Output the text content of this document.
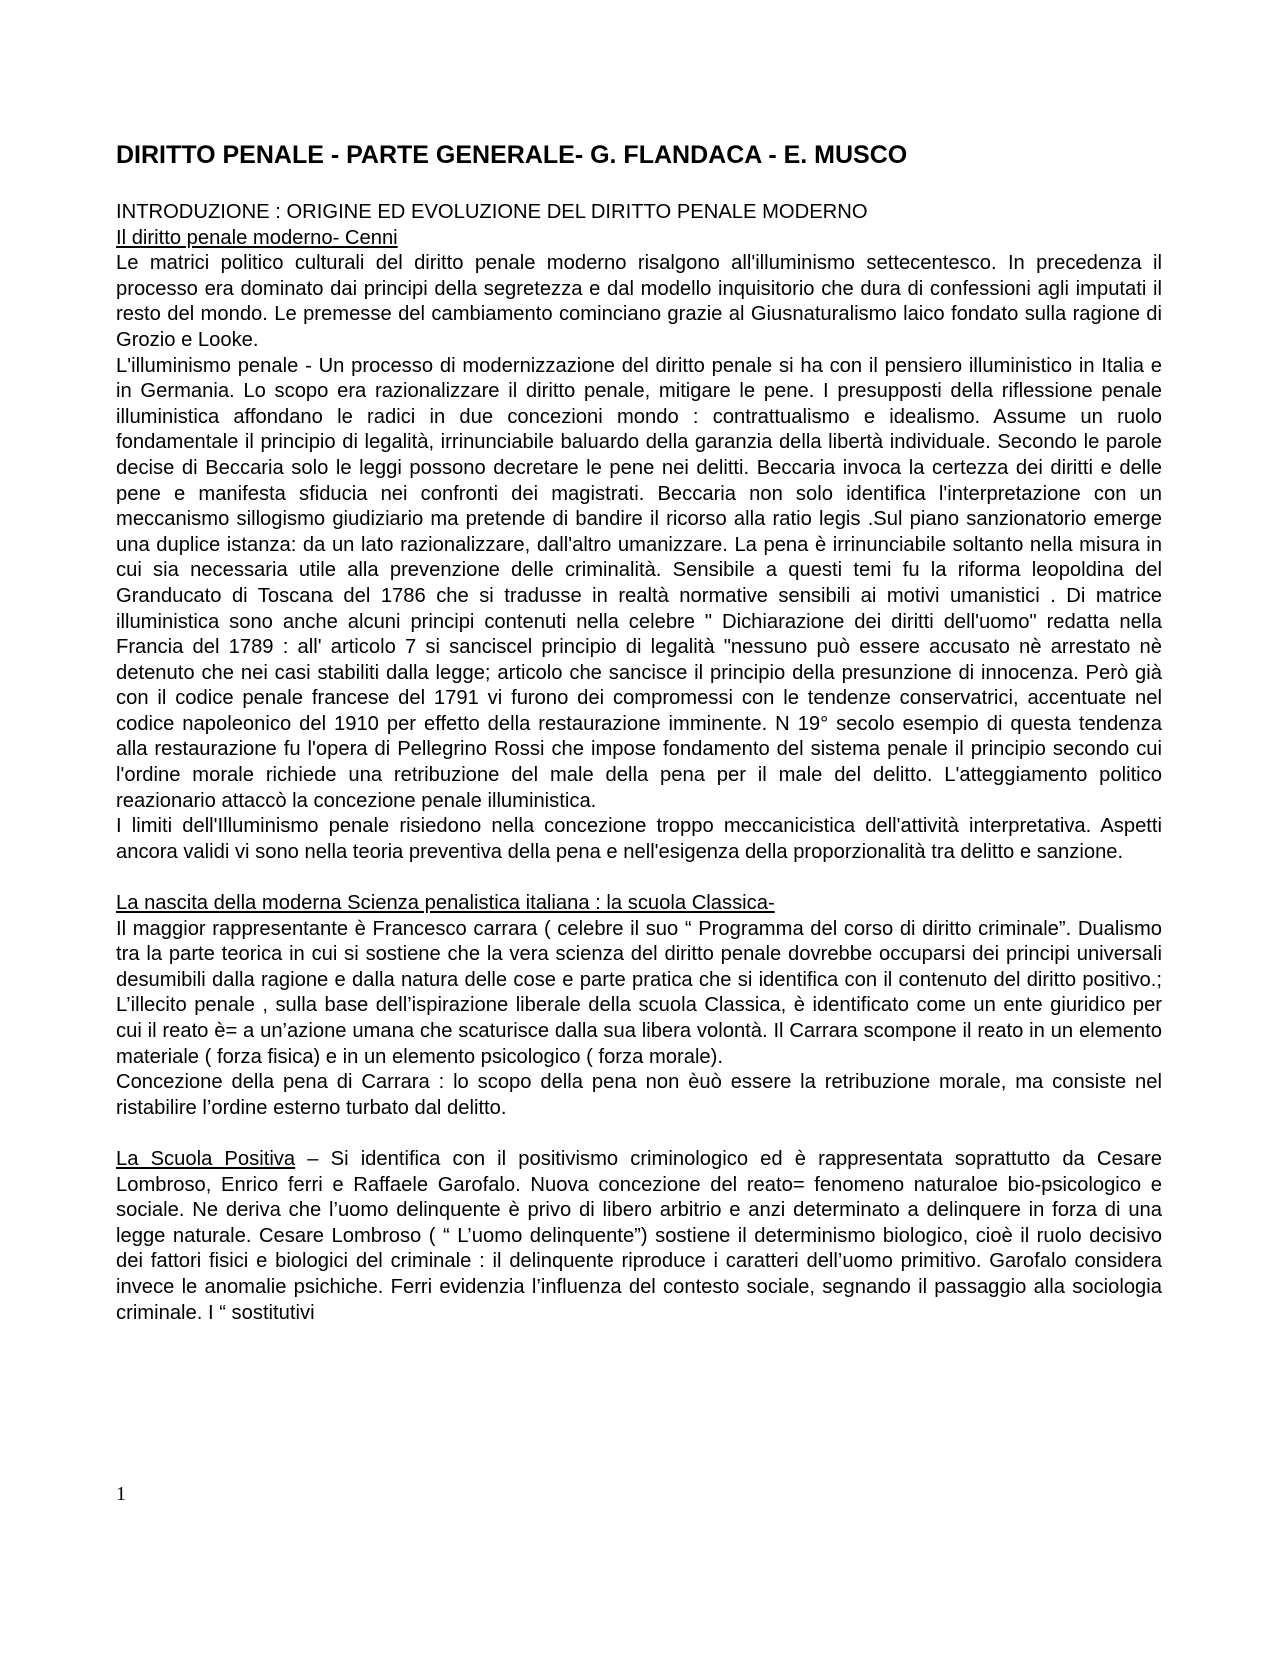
DIRITTO PENALE - PARTE GENERALE- G. FLANDACA - E. MUSCO

INTRODUZIONE : ORIGINE ED EVOLUZIONE DEL DIRITTO PENALE MODERNO

Il diritto penale moderno- Cenni

Le matrici politico culturali del diritto penale moderno risalgono all'illuminismo settecentesco. In precedenza il processo era dominato dai principi della segretezza e dal modello inquisitorio che dura di confessioni agli imputati il resto del mondo. Le premesse del cambiamento cominciano grazie al Giusnaturalismo laico fondato sulla ragione di Grozio e Looke.

L'illuminismo penale - Un processo di modernizzazione del diritto penale si ha con il pensiero illuministico in Italia e in Germania. Lo scopo era razionalizzare il diritto penale, mitigare le pene. I presupposti della riflessione penale illuministica affondano le radici in due concezioni mondo : contrattualismo e idealismo. Assume un ruolo fondamentale il principio di legalità, irrinunciabile baluardo della garanzia della libertà individuale. Secondo le parole decise di Beccaria solo le leggi possono decretare le pene nei delitti. Beccaria invoca la certezza dei diritti e delle pene e manifesta sfiducia nei confronti dei magistrati. Beccaria non solo identifica l'interpretazione con un meccanismo sillogismo giudiziario ma pretende di bandire il ricorso alla ratio legis .Sul piano sanzionatorio emerge una duplice istanza: da un lato razionalizzare, dall'altro umanizzare. La pena è irrinunciabile soltanto nella misura in cui sia necessaria utile alla prevenzione delle criminalità. Sensibile a questi temi fu la riforma leopoldina del Granducato di Toscana del 1786 che si tradusse in realtà normative sensibili ai motivi umanistici . Di matrice illuministica sono anche alcuni principi contenuti nella celebre " Dichiarazione dei diritti dell'uomo" redatta nella Francia del 1789 : all' articolo 7 si sanciscel principio di legalità "nessuno può essere accusato nè arrestato nè detenuto che nei casi stabiliti dalla legge; articolo che sancisce il principio della presunzione di innocenza. Però già con il codice penale francese del 1791 vi furono dei compromessi con le tendenze conservatrici, accentuate nel codice napoleonico del 1910 per effetto della restaurazione imminente. N 19° secolo esempio di questa tendenza alla restaurazione fu l'opera di Pellegrino Rossi che impose fondamento del sistema penale il principio secondo cui l'ordine morale richiede una retribuzione del male della pena per il male del delitto. L'atteggiamento politico reazionario attaccò la concezione penale illuministica.

I limiti dell'Illuminismo penale risiedono nella concezione troppo meccanicistica dell'attività interpretativa. Aspetti ancora validi vi sono nella teoria preventiva della pena e nell'esigenza della proporzionalità tra delitto e sanzione.

La nascita della moderna Scienza penalistica italiana : la scuola Classica-

Il maggior rappresentante è Francesco carrara ( celebre il suo “ Programma del corso di diritto criminale”. Dualismo tra la parte teorica in cui si sostiene che la vera scienza del diritto penale dovrebbe occuparsi dei principi universali desumibili dalla ragione e dalla natura delle cose e parte pratica che si identifica con il contenuto del diritto positivo.; L’illecito penale , sulla base dell’ispirazione liberale della scuola Classica, è identificato come un ente giuridico per cui il reato è= a un’azione umana che scaturisce dalla sua libera volontà. Il Carrara scompone il reato in un elemento materiale ( forza fisica) e in un elemento psicologico ( forza morale).

Concezione della pena di Carrara : lo scopo della pena non èuò essere la retribuzione morale, ma consiste nel ristabilire l’ordine esterno turbato dal delitto.

La Scuola Positiva – Si identifica con il positivismo criminologico ed è rappresentata soprattutto da Cesare Lombroso, Enrico ferri e Raffaele Garofalo. Nuova concezione del reato= fenomeno naturaloe bio-psicologico e sociale. Ne deriva che l’uomo delinquente è privo di libero arbitrio e anzi determinato a delinquere in forza di una legge naturale. Cesare Lombroso ( “ L’uomo delinquente”) sostiene il determinismo biologico, cioè il ruolo decisivo dei fattori fisici e biologici del criminale : il delinquente riproduce i caratteri dell’uomo primitivo. Garofalo considera invece le anomalie psichiche. Ferri evidenzia l’influenza del contesto sociale, segnando il passaggio alla sociologia criminale. I “ sostitutivi

1
